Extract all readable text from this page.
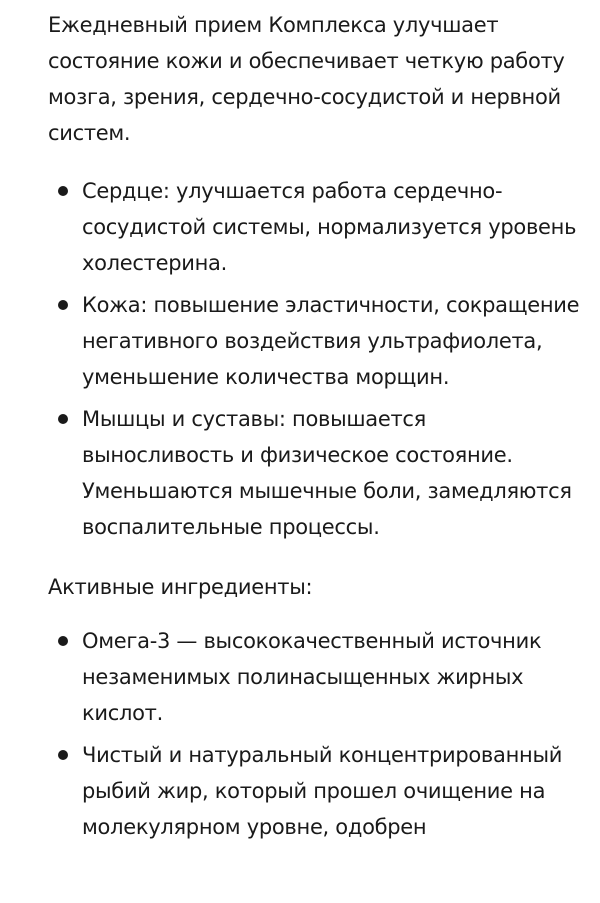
Ежедневный прием Комплекса улучшает состояние кожи и обеспечивает четкую работу мозга, зрения, сердечно-сосудистой и нервной систем.

Сердце: улучшается работа сердечно-сосудистой системы, нормализуется уровень холестерина.
Кожа: повышение эластичности, сокращение негативного воздействия ультрафиолета, уменьшение количества морщин.
Мышцы и суставы: повышается выносливость и физическое состояние. Уменьшаются мышечные боли, замедляются воспалительные процессы.

Активные ингредиенты:

Омега-3 — высококачественный источник незаменимых полинасыщенных жирных кислот.
Чистый и натуральный концентрированный рыбий жир, который прошел очищение на молекулярном уровне, одобрен
